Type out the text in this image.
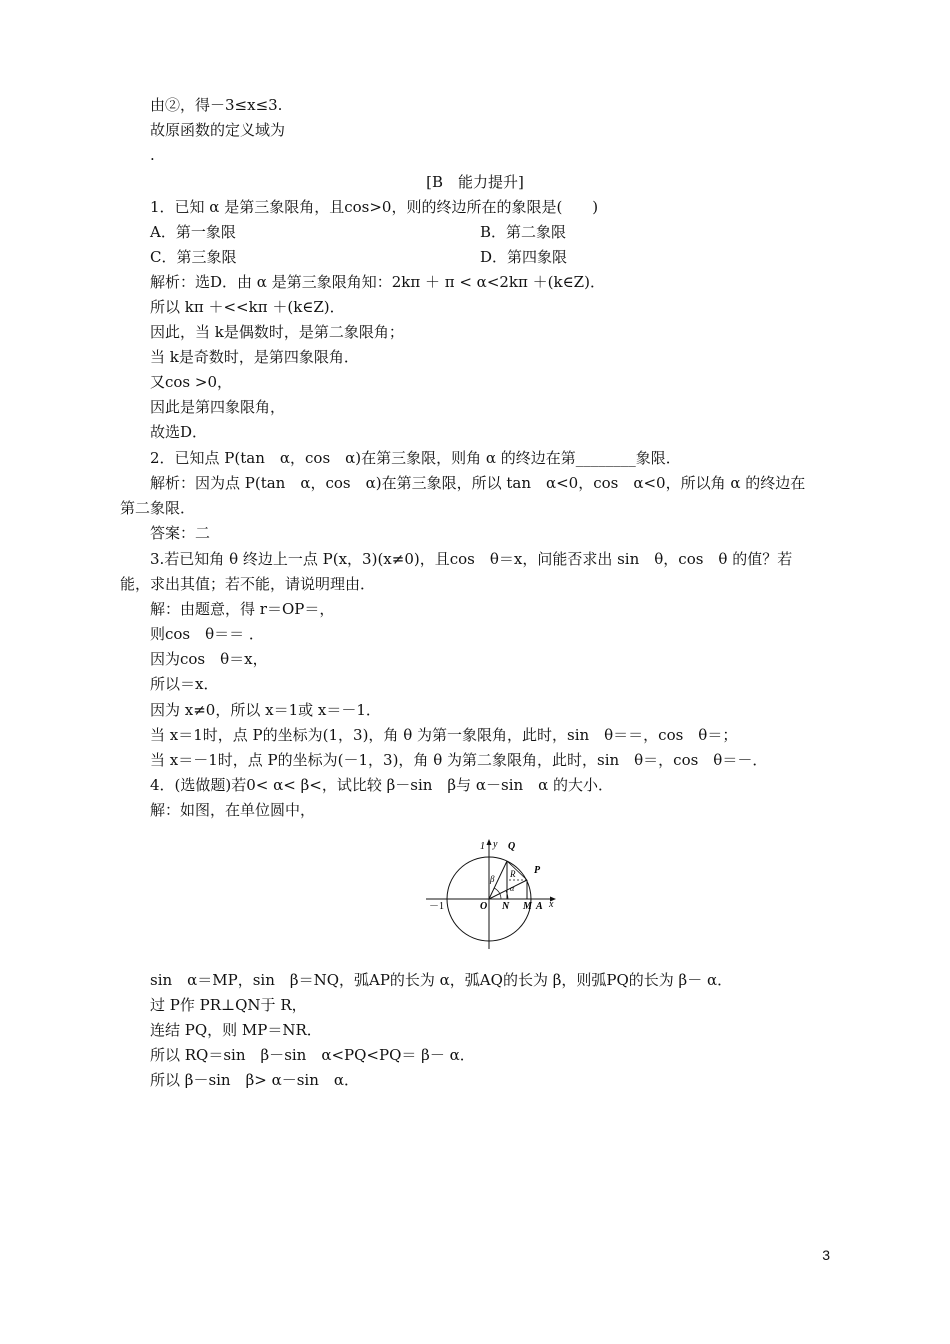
由②，得－3≤x≤3.
故原函数的定义域为
.
[B　能力提升]
1．已知 α 是第三象限角，且cos>0，则的终边所在的象限是(　　)
A．第一象限	B．第二象限
C．第三象限	D．第四象限
解析：选D．由 α 是第三象限角知：2kπ ＋ π < α<2kπ ＋(k∈Z)．
所以 kπ ＋<<kπ ＋(k∈Z)．
因此，当 k是偶数时，是第二象限角；
当 k是奇数时，是第四象限角．
又cos >0，
因此是第四象限角，
故选D．
2．已知点 P(tan　α，cos　α)在第三象限，则角 α 的终边在第________象限．
解析：因为点 P(tan　α，cos　α)在第三象限，所以 tan　α<0，cos　α<0，所以角 α 的终边在
第二象限．
答案：二
3.若已知角 θ 终边上一点 P(x，3)(x≠0)，且cos　θ＝x，问能否求出 sin　θ，cos　θ 的值？若
能，求出其值；若不能，请说明理由．
解：由题意，得 r＝OP＝，
则cos　θ＝＝ ．
因为cos　θ＝x，
所以＝x．
因为 x≠0，所以 x＝1或 x＝－1．
当 x＝1时，点 P的坐标为(1，3)，角 θ 为第一象限角，此时，sin　θ＝＝，cos　θ＝；
当 x＝－1时，点 P的坐标为(－1，3)，角 θ 为第二象限角，此时，sin　θ＝，cos　θ＝－．
4．(选做题)若0< α< β<，试比较 β－sin　β与 α－sin　α 的大小．
解：如图，在单位圆中，
1 y Q
R P
β
α
－1	O N M A x
sin　α＝MP，sin　β＝NQ，弧AP的长为 α，弧AQ的长为 β，则弧PQ的长为 β－ α．
过 P作 PR⊥QN于 R，
连结 PQ，则 MP＝NR．
所以 RQ＝sin　β－sin　α<PQ<PQ＝ β－ α．
所以 β－sin　β> α－sin　α．
3
